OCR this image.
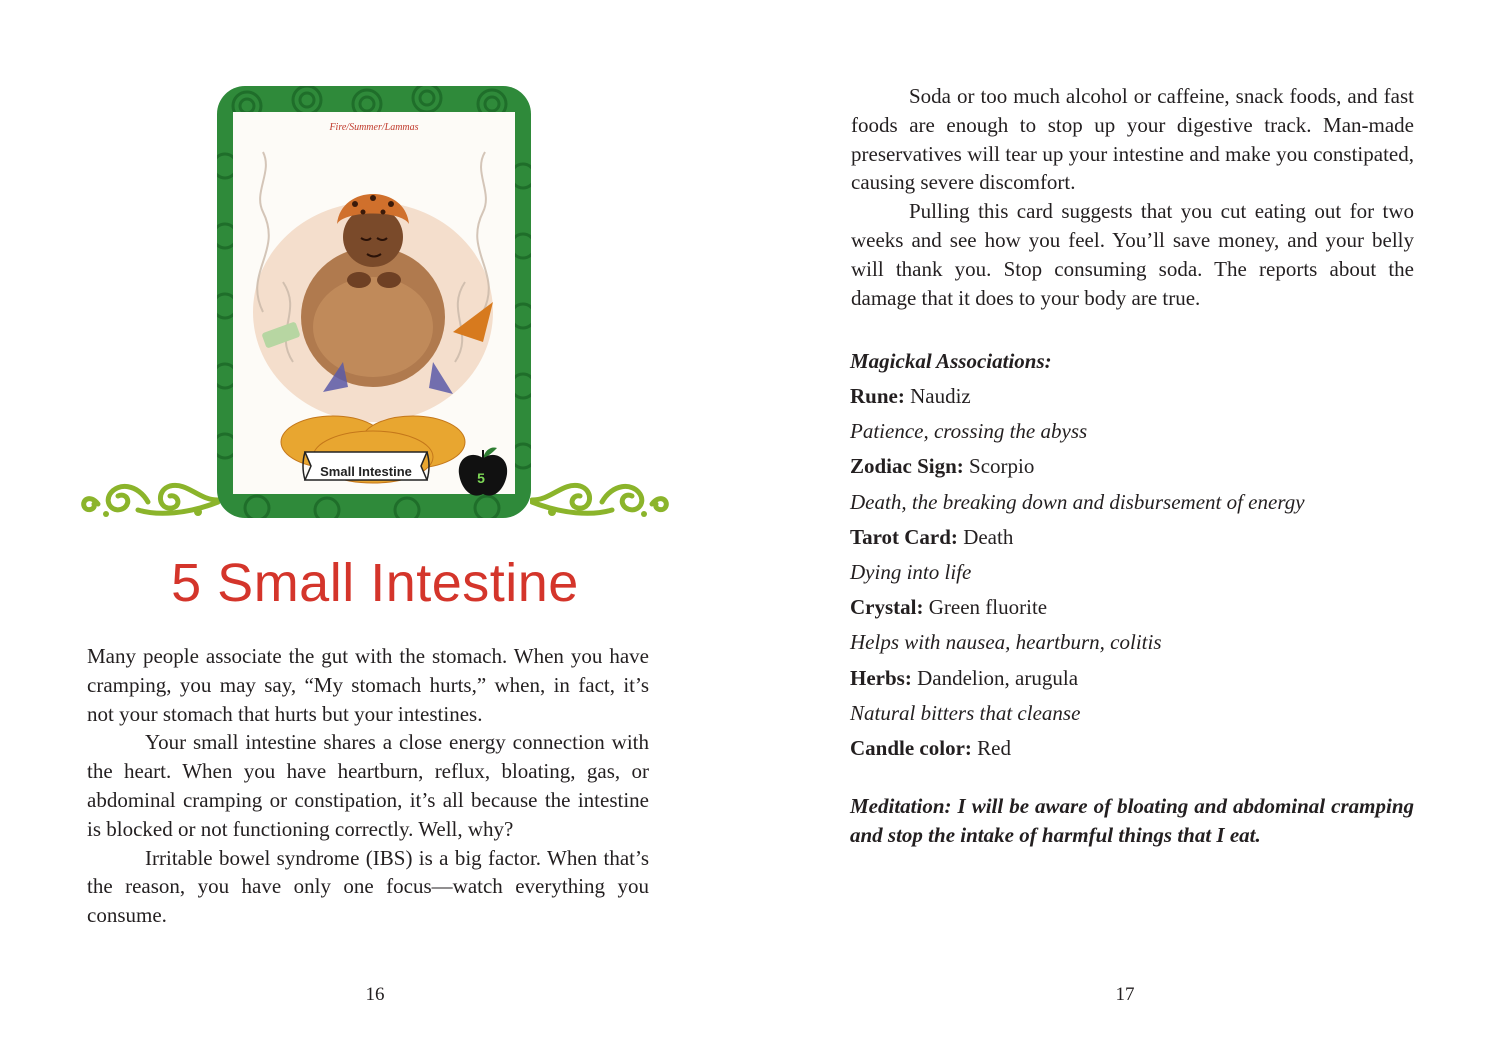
Fire/Summer/Lammas
Small Intestine	5
5 Small Intestine

Many people associate the gut with the stomach. When you have cramping, you may say, “My stomach hurts,” when, in fact, it’s not your stomach that hurts but your intestines.

Your small intestine shares a close energy connection with the heart. When you have heartburn, reflux, bloating, gas, or abdominal cramping or constipation, it’s all because the intestine is blocked or not functioning correctly. Well, why?

Irritable bowel syndrome (IBS) is a big factor. When that’s the reason, you have only one focus—watch everything you consume.

16

Soda or too much alcohol or caffeine, snack foods, and fast foods are enough to stop up your digestive track. Man-made preservatives will tear up your intestine and make you constipated, causing severe discomfort.

Pulling this card suggests that you cut eating out for two weeks and see how you feel. You’ll save money, and your belly will thank you. Stop consuming soda. The reports about the damage that it does to your body are true.

Magickal Associations:
Rune: Naudiz
Patience, crossing the abyss
Zodiac Sign: Scorpio
Death, the breaking down and disbursement of energy
Tarot Card: Death
Dying into life
Crystal: Green fluorite
Helps with nausea, heartburn, colitis
Herbs: Dandelion, arugula
Natural bitters that cleanse
Candle color: Red

Meditation: I will be aware of bloating and abdominal cramping and stop the intake of harmful things that I eat.

17
